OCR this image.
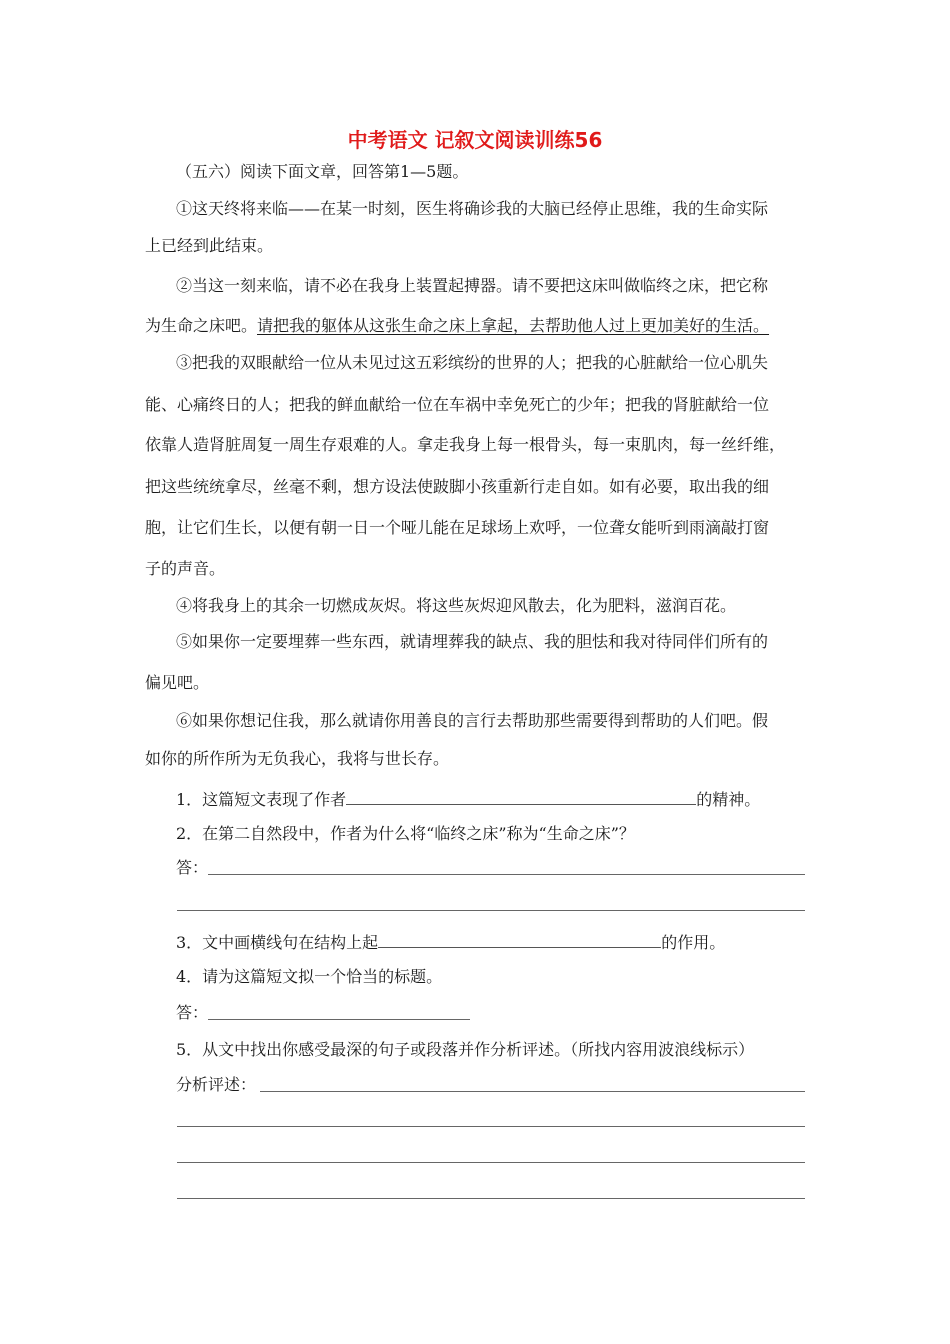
中考语文 记叙文阅读训练56
（五六）阅读下面文章，回答第1—5题。
①这天终将来临——在某一时刻，医生将确诊我的大脑已经停止思维，我的生命实际
上已经到此结束。
②当这一刻来临，请不必在我身上装置起搏器。请不要把这床叫做临终之床，把它称
为生命之床吧。请把我的躯体从这张生命之床上拿起，去帮助他人过上更加美好的生活。
③把我的双眼献给一位从未见过这五彩缤纷的世界的人；把我的心脏献给一位心肌失
能、心痛终日的人；把我的鲜血献给一位在车祸中幸免死亡的少年；把我的肾脏献给一位
依靠人造肾脏周复一周生存艰难的人。拿走我身上每一根骨头，每一束肌肉，每一丝纤维，
把这些统统拿尽，丝毫不剩，想方设法使跛脚小孩重新行走自如。如有必要，取出我的细
胞，让它们生长，以便有朝一日一个哑儿能在足球场上欢呼，一位聋女能听到雨滴敲打窗
子的声音。
④将我身上的其余一切燃成灰烬。将这些灰烬迎风散去，化为肥料，滋润百花。
⑤如果你一定要埋葬一些东西，就请埋葬我的缺点、我的胆怯和我对待同伴们所有的
偏见吧。
⑥如果你想记住我，那么就请你用善良的言行去帮助那些需要得到帮助的人们吧。假
如你的所作所为无负我心，我将与世长存。
1．这篇短文表现了作者	的精神。
2．在第二自然段中，作者为什么将“临终之床”称为“生命之床”？
答：
3．文中画横线句在结构上起	的作用。
4．请为这篇短文拟一个恰当的标题。
答：
5．从文中找出你感受最深的句子或段落并作分析评述。（所找内容用波浪线标示）
分析评述：
